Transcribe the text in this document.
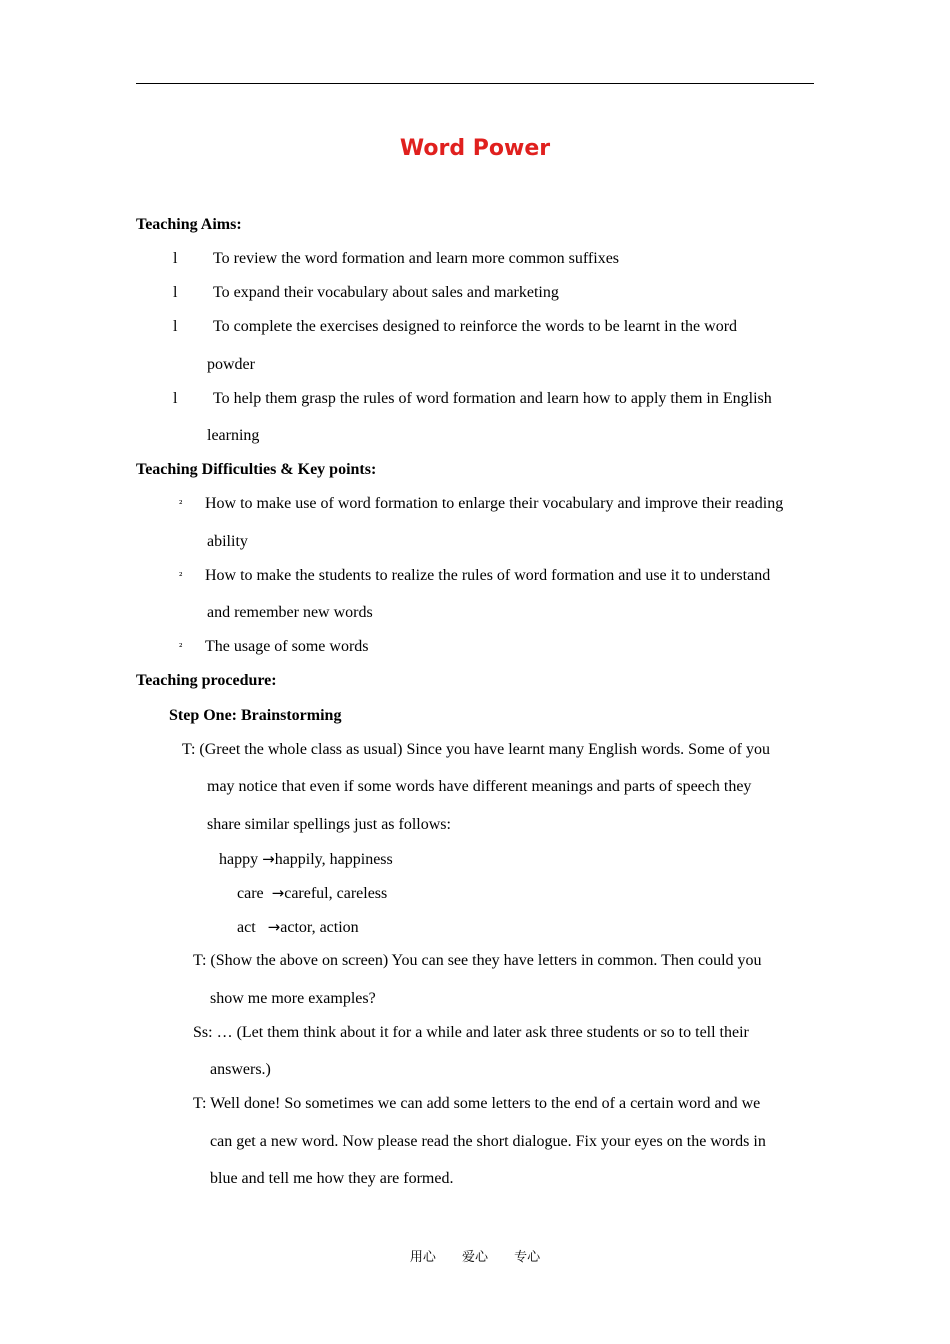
Word Power
Teaching Aims:
l To review the word formation and learn more common suffixes
l To expand their vocabulary about sales and marketing
l To complete the exercises designed to reinforce the words to be learnt in the word
powder
l To help them grasp the rules of word formation and learn how to apply them in English
learning
Teaching Difficulties & Key points:
² How to make use of word formation to enlarge their vocabulary and improve their reading
ability
² How to make the students to realize the rules of word formation and use it to understand
and remember new words
² The usage of some words
Teaching procedure:
Step One: Brainstorming
T: (Greet the whole class as usual) Since you have learnt many English words. Some of you
may notice that even if some words have different meanings and parts of speech they
share similar spellings just as follows:
happy →happily, happiness
care  →careful, careless
act   →actor, action
T: (Show the above on screen) You can see they have letters in common. Then could you
show me more examples?
Ss: … (Let them think about it for a while and later ask three students or so to tell their
answers.)
T: Well done! So sometimes we can add some letters to the end of a certain word and we
can get a new word. Now please read the short dialogue. Fix your eyes on the words in
blue and tell me how they are formed.
用心 爱心 专心
